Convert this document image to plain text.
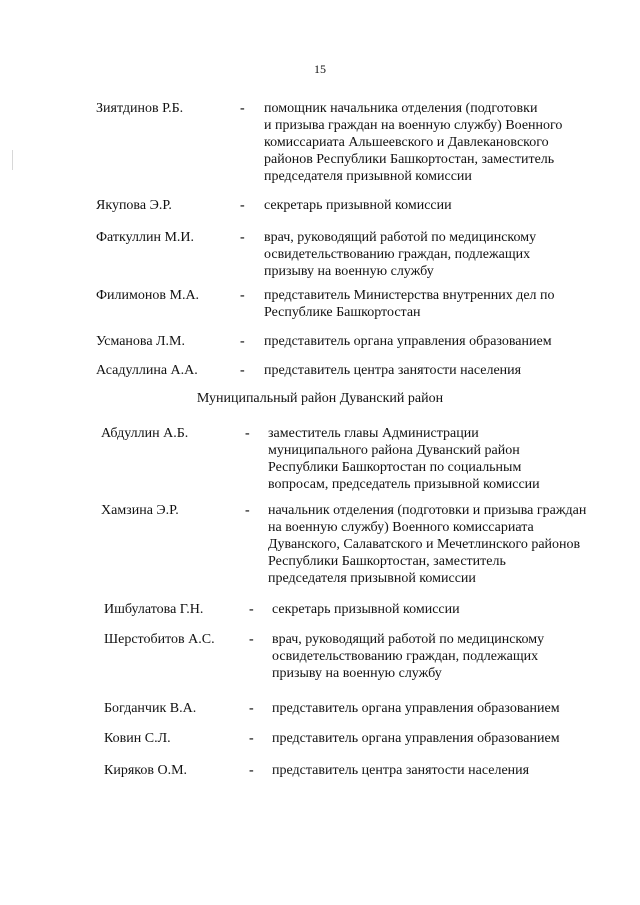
15
Зиятдинов Р.Б.	- помощник начальника отделения (подготовки
и призыва граждан на военную службу) Военного
комиссариата Альшеевского и Давлекановского
районов Республики Башкортостан, заместитель
председателя призывной комиссии
Якупова Э.Р.	- секретарь призывной комиссии
Фаткуллин М.И.	- врач, руководящий работой по медицинскому
освидетельствованию граждан, подлежащих
призыву на военную службу
Филимонов М.А.	- представитель Министерства внутренних дел по
Республике Башкортостан
Усманова Л.М.	- представитель органа управления образованием
Асадуллина А.А.	- представитель центра занятости населения
Муниципальный район Дуванский район
Абдуллин А.Б.	- заместитель главы Администрации
муниципального района Дуванский район
Республики Башкортостан по социальным
вопросам, председатель призывной комиссии
Хамзина Э.Р.	- начальник отделения (подготовки и призыва граждан
на военную службу) Военного комиссариата
Дуванского, Салаватского и Мечетлинского районов
Республики Башкортостан, заместитель
председателя призывной комиссии
Ишбулатова Г.Н.	- секретарь призывной комиссии
Шерстобитов А.С. - врач, руководящий работой по медицинскому
освидетельствованию граждан, подлежащих
призыву на военную службу
Богданчик В.А.	- представитель органа управления образованием
Ковин С.Л.	- представитель органа управления образованием
Киряков О.М.	- представитель центра занятости населения
